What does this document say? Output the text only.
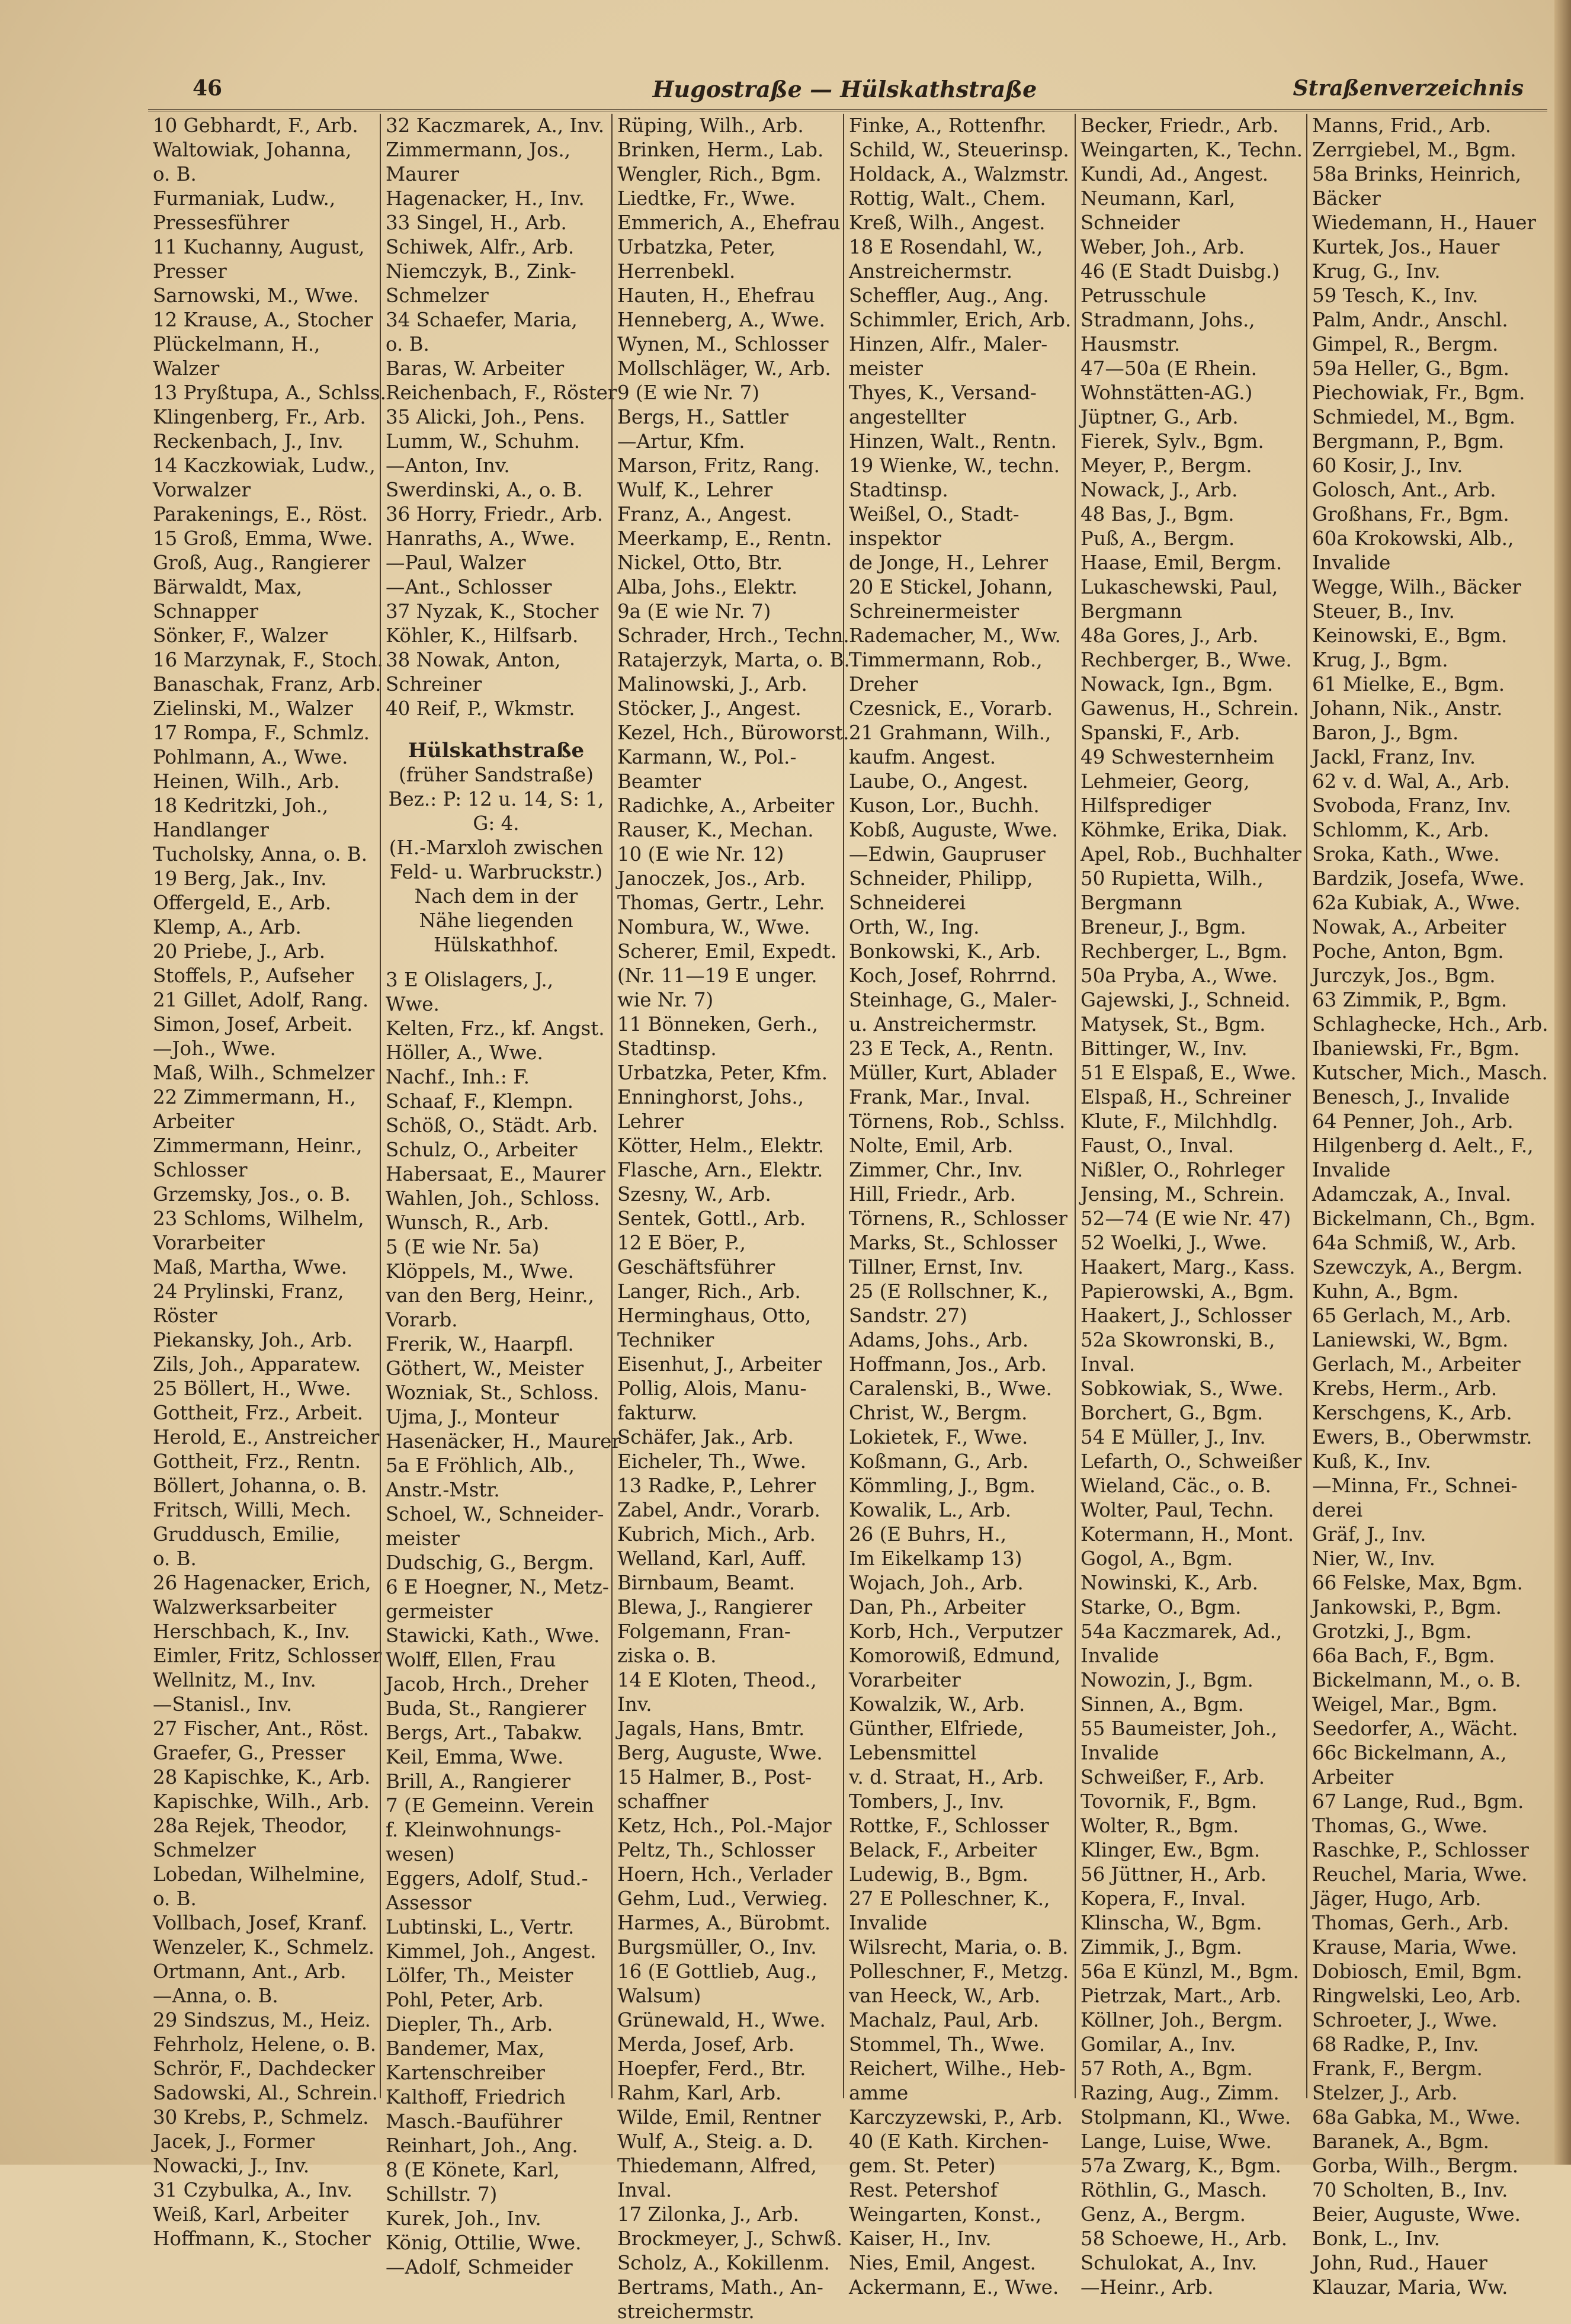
46	Hugostraße — Hülskathstraße	Straßenverzeichnis
10 Gebhardt, F., Arb.
Waltowiak, Johanna,
o. B.
Furmaniak, Ludw.,
Pressesführer
11 Kuchanny, August,
Presser
Sarnowski, M., Wwe.
12 Krause, A., Stocher
Plückelmann, H.,
Walzer
13 Pryßtupa, A., Schlss.
Klingenberg, Fr., Arb.
Reckenbach, J., Inv.
14 Kaczkowiak, Ludw.,
Vorwalzer
Parakenings, E., Röst.
15 Groß, Emma, Wwe.
Groß, Aug., Rangierer
Bärwaldt, Max,
Schnapper
Sönker, F., Walzer
16 Marzynak, F., Stoch.
Banaschak, Franz, Arb.
Zielinski, M., Walzer
17 Rompa, F., Schmlz.
Pohlmann, A., Wwe.
Heinen, Wilh., Arb.
18 Kedritzki, Joh.,
Handlanger
Tucholsky, Anna, o. B.
19 Berg, Jak., Inv.
Offergeld, E., Arb.
Klemp, A., Arb.
20 Priebe, J., Arb.
Stoffels, P., Aufseher
21 Gillet, Adolf, Rang.
Simon, Josef, Arbeit.
—Joh., Wwe.
Maß, Wilh., Schmelzer
22 Zimmermann, H.,
Arbeiter
Zimmermann, Heinr.,
Schlosser
Grzemsky, Jos., o. B.
23 Schloms, Wilhelm,
Vorarbeiter
Maß, Martha, Wwe.
24 Prylinski, Franz,
Röster
Piekansky, Joh., Arb.
Zils, Joh., Apparatew.
25 Böllert, H., Wwe.
Gottheit, Frz., Arbeit.
Herold, E., Anstreicher
Gottheit, Frz., Rentn.
Böllert, Johanna, o. B.
Fritsch, Willi, Mech.
Gruddusch, Emilie,
o. B.
26 Hagenacker, Erich,
Walzwerksarbeiter
Herschbach, K., Inv.
Eimler, Fritz, Schlosser
Wellnitz, M., Inv.
—Stanisl., Inv.
27 Fischer, Ant., Röst.
Graefer, G., Presser
28 Kapischke, K., Arb.
Kapischke, Wilh., Arb.
28a Rejek, Theodor,
Schmelzer
Lobedan, Wilhelmine,
o. B.
Vollbach, Josef, Kranf.
Wenzeler, K., Schmelz.
Ortmann, Ant., Arb.
—Anna, o. B.
29 Sindszus, M., Heiz.
Fehrholz, Helene, o. B.
Schrör, F., Dachdecker
Sadowski, Al., Schrein.
30 Krebs, P., Schmelz.
Jacek, J., Former
Nowacki, J., Inv.
31 Czybulka, A., Inv.
Weiß, Karl, Arbeiter
Hoffmann, K., Stocher
32 Kaczmarek, A., Inv.
Zimmermann, Jos.,
Maurer
Hagenacker, H., Inv.
33 Singel, H., Arb.
Schiwek, Alfr., Arb.
Niemczyk, B., Zink-
Schmelzer
34 Schaefer, Maria,
o. B.
Baras, W. Arbeiter
Reichenbach, F., Röster
35 Alicki, Joh., Pens.
Lumm, W., Schuhm.
—Anton, Inv.
Swerdinski, A., o. B.
36 Horry, Friedr., Arb.
Hanraths, A., Wwe.
—Paul, Walzer
—Ant., Schlosser
37 Nyzak, K., Stocher
Köhler, K., Hilfsarb.
38 Nowak, Anton,
Schreiner
40 Reif, P., Wkmstr.
Hülskathstraße
(früher Sandstraße)
Bez.: P: 12 u. 14, S: 1, G: 4.
(H.-Marxloh zwischen Feld- u. Warbruckstr.) Nach dem in der Nähe liegenden Hülskathhof.
3 E Olislagers, J.,
Wwe.
Kelten, Frz., kf. Angst.
Höller, A., Wwe.
Nachf., Inh.: F.
Schaaf, F., Klempn.
Schöß, O., Städt. Arb.
Schulz, O., Arbeiter
Habersaat, E., Maurer
Wahlen, Joh., Schloss.
Wunsch, R., Arb.
5 (E wie Nr. 5a)
Klöppels, M., Wwe.
van den Berg, Heinr.,
Vorarb.
Frerik, W., Haarpfl.
Göthert, W., Meister
Wozniak, St., Schloss.
Ujma, J., Monteur
Hasenäcker, H., Maurer
5a E Fröhlich, Alb.,
Anstr.-Mstr.
Schoel, W., Schneider-
meister
Dudschig, G., Bergm.
6 E Hoegner, N., Metz-
germeister
Stawicki, Kath., Wwe.
Wolff, Ellen, Frau
Jacob, Hrch., Dreher
Buda, St., Rangierer
Bergs, Art., Tabakw.
Keil, Emma, Wwe.
Brill, A., Rangierer
7 (E Gemeinn. Verein
f. Kleinwohnungs-
wesen)
Eggers, Adolf, Stud.-
Assessor
Lubtinski, L., Vertr.
Kimmel, Joh., Angest.
Lölfer, Th., Meister
Pohl, Peter, Arb.
Diepler, Th., Arb.
Bandemer, Max,
Kartenschreiber
Kalthoff, Friedrich
Masch.-Bauführer
Reinhart, Joh., Ang.
8 (E Könete, Karl,
Schillstr. 7)
Kurek, Joh., Inv.
König, Ottilie, Wwe.
—Adolf, Schmeider
Rüping, Wilh., Arb.
Brinken, Herm., Lab.
Wengler, Rich., Bgm.
Liedtke, Fr., Wwe.
Emmerich, A., Ehefrau
Urbatzka, Peter,
Herrenbekl.
Hauten, H., Ehefrau
Henneberg, A., Wwe.
Wynen, M., Schlosser
Mollschläger, W., Arb.
9 (E wie Nr. 7)
Bergs, H., Sattler
—Artur, Kfm.
Marson, Fritz, Rang.
Wulf, K., Lehrer
Franz, A., Angest.
Meerkamp, E., Rentn.
Nickel, Otto, Btr.
Alba, Johs., Elektr.
9a (E wie Nr. 7)
Schrader, Hrch., Techn.
Ratajerzyk, Marta, o. B.
Malinowski, J., Arb.
Stöcker, J., Angest.
Kezel, Hch., Büroworst.
Karmann, W., Pol.-
Beamter
Radichke, A., Arbeiter
Rauser, K., Mechan.
10 (E wie Nr. 12)
Janoczek, Jos., Arb.
Thomas, Gertr., Lehr.
Nombura, W., Wwe.
Scherer, Emil, Expedt.
(Nr. 11—19 E unger.
wie Nr. 7)
11 Bönneken, Gerh.,
Stadtinsp.
Urbatzka, Peter, Kfm.
Enninghorst, Johs.,
Lehrer
Kötter, Helm., Elektr.
Flasche, Arn., Elektr.
Szesny, W., Arb.
Sentek, Gottl., Arb.
12 E Böer, P.,
Geschäftsführer
Langer, Rich., Arb.
Herminghaus, Otto,
Techniker
Eisenhut, J., Arbeiter
Pollig, Alois, Manu-
fakturw.
Schäfer, Jak., Arb.
Eicheler, Th., Wwe.
13 Radke, P., Lehrer
Zabel, Andr., Vorarb.
Kubrich, Mich., Arb.
Welland, Karl, Auff.
Birnbaum, Beamt.
Blewa, J., Rangierer
Folgemann, Fran-
ziska o. B.
14 E Kloten, Theod.,
Inv.
Jagals, Hans, Bmtr.
Berg, Auguste, Wwe.
15 Halmer, B., Post-
schaffner
Ketz, Hch., Pol.-Major
Peltz, Th., Schlosser
Hoern, Hch., Verlader
Gehm, Lud., Verwieg.
Harmes, A., Bürobmt.
Burgsmüller, O., Inv.
16 (E Gottlieb, Aug.,
Walsum)
Grünewald, H., Wwe.
Merda, Josef, Arb.
Hoepfer, Ferd., Btr.
Rahm, Karl, Arb.
Wilde, Emil, Rentner
Wulf, A., Steig. a. D.
Thiedemann, Alfred,
Inval.
17 Zilonka, J., Arb.
Brockmeyer, J., Schwß.
Scholz, A., Kokillenm.
Bertrams, Math., An-
streichermstr.
Finke, A., Rottenfhr.
Schild, W., Steuerinsp.
Holdack, A., Walzmstr.
Rottig, Walt., Chem.
Kreß, Wilh., Angest.
18 E Rosendahl, W.,
Anstreichermstr.
Scheffler, Aug., Ang.
Schimmler, Erich, Arb.
Hinzen, Alfr., Maler-
meister
Thyes, K., Versand-
angestellter
Hinzen, Walt., Rentn.
19 Wienke, W., techn.
Stadtinsp.
Weißel, O., Stadt-
inspektor
de Jonge, H., Lehrer
20 E Stickel, Johann,
Schreinermeister
Rademacher, M., Ww.
Timmermann, Rob.,
Dreher
Czesnick, E., Vorarb.
21 Grahmann, Wilh.,
kaufm. Angest.
Laube, O., Angest.
Kuson, Lor., Buchh.
Kobß, Auguste, Wwe.
—Edwin, Gaupruser
Schneider, Philipp,
Schneiderei
Orth, W., Ing.
Bonkowski, K., Arb.
Koch, Josef, Rohrrnd.
Steinhage, G., Maler-
u. Anstreichermstr.
23 E Teck, A., Rentn.
Müller, Kurt, Ablader
Frank, Mar., Inval.
Törnens, Rob., Schlss.
Nolte, Emil, Arb.
Zimmer, Chr., Inv.
Hill, Friedr., Arb.
Törnens, R., Schlosser
Marks, St., Schlosser
Tillner, Ernst, Inv.
25 (E Rollschner, K.,
Sandstr. 27)
Adams, Johs., Arb.
Hoffmann, Jos., Arb.
Caralenski, B., Wwe.
Christ, W., Bergm.
Lokietek, F., Wwe.
Koßmann, G., Arb.
Kömmling, J., Bgm.
Kowalik, L., Arb.
26 (E Buhrs, H.,
Im Eikelkamp 13)
Wojach, Joh., Arb.
Dan, Ph., Arbeiter
Korb, Hch., Verputzer
Komorowiß, Edmund,
Vorarbeiter
Kowalzik, W., Arb.
Günther, Elfriede,
Lebensmittel
v. d. Straat, H., Arb.
Tombers, J., Inv.
Rottke, F., Schlosser
Belack, F., Arbeiter
Ludewig, B., Bgm.
27 E Polleschner, K.,
Invalide
Wilsrecht, Maria, o. B.
Polleschner, F., Metzg.
van Heeck, W., Arb.
Machalz, Paul, Arb.
Stommel, Th., Wwe.
Reichert, Wilhe., Heb-
amme
Karczyzewski, P., Arb.
40 (E Kath. Kirchen-
gem. St. Peter)
Rest. Petershof
Weingarten, Konst.,
Kaiser, H., Inv.
Nies, Emil, Angest.
Ackermann, E., Wwe.
Becker, Friedr., Arb.
Weingarten, K., Techn.
Kundi, Ad., Angest.
Neumann, Karl,
Schneider
Weber, Joh., Arb.
46 (E Stadt Duisbg.)
Petrusschule
Stradmann, Johs.,
Hausmstr.
47—50a (E Rhein.
Wohnstätten-AG.)
Jüptner, G., Arb.
Fierek, Sylv., Bgm.
Meyer, P., Bergm.
Nowack, J., Arb.
48 Bas, J., Bgm.
Puß, A., Bergm.
Haase, Emil, Bergm.
Lukaschewski, Paul,
Bergmann
48a Gores, J., Arb.
Rechberger, B., Wwe.
Nowack, Ign., Bgm.
Gawenus, H., Schrein.
Spanski, F., Arb.
49 Schwesternheim
Lehmeier, Georg,
Hilfsprediger
Köhmke, Erika, Diak.
Apel, Rob., Buchhalter
50 Rupietta, Wilh.,
Bergmann
Breneur, J., Bgm.
Rechberger, L., Bgm.
50a Pryba, A., Wwe.
Gajewski, J., Schneid.
Matysek, St., Bgm.
Bittinger, W., Inv.
51 E Elspaß, E., Wwe.
Elspaß, H., Schreiner
Klute, F., Milchhdlg.
Faust, O., Inval.
Nißler, O., Rohrleger
Jensing, M., Schrein.
52—74 (E wie Nr. 47)
52 Woelki, J., Wwe.
Haakert, Marg., Kass.
Papierowski, A., Bgm.
Haakert, J., Schlosser
52a Skowronski, B.,
Inval.
Sobkowiak, S., Wwe.
Borchert, G., Bgm.
54 E Müller, J., Inv.
Lefarth, O., Schweißer
Wieland, Cäc., o. B.
Wolter, Paul, Techn.
Kotermann, H., Mont.
Gogol, A., Bgm.
Nowinski, K., Arb.
Starke, O., Bgm.
54a Kaczmarek, Ad.,
Invalide
Nowozin, J., Bgm.
Sinnen, A., Bgm.
55 Baumeister, Joh.,
Invalide
Schweißer, F., Arb.
Tovornik, F., Bgm.
Wolter, R., Bgm.
Klinger, Ew., Bgm.
56 Jüttner, H., Arb.
Kopera, F., Inval.
Klinscha, W., Bgm.
Zimmik, J., Bgm.
56a E Künzl, M., Bgm.
Pietrzak, Mart., Arb.
Köllner, Joh., Bergm.
Gomilar, A., Inv.
57 Roth, A., Bgm.
Razing, Aug., Zimm.
Stolpmann, Kl., Wwe.
Lange, Luise, Wwe.
57a Zwarg, K., Bgm.
Röthlin, G., Masch.
Genz, A., Bergm.
58 Schoewe, H., Arb.
Schulokat, A., Inv.
—Heinr., Arb.
Manns, Frid., Arb.
Zerrgiebel, M., Bgm.
58a Brinks, Heinrich,
Bäcker
Wiedemann, H., Hauer
Kurtek, Jos., Hauer
Krug, G., Inv.
59 Tesch, K., Inv.
Palm, Andr., Anschl.
Gimpel, R., Bergm.
59a Heller, G., Bgm.
Piechowiak, Fr., Bgm.
Schmiedel, M., Bgm.
Bergmann, P., Bgm.
60 Kosir, J., Inv.
Golosch, Ant., Arb.
Großhans, Fr., Bgm.
60a Krokowski, Alb.,
Invalide
Wegge, Wilh., Bäcker
Steuer, B., Inv.
Keinowski, E., Bgm.
Krug, J., Bgm.
61 Mielke, E., Bgm.
Johann, Nik., Anstr.
Baron, J., Bgm.
Jackl, Franz, Inv.
62 v. d. Wal, A., Arb.
Svoboda, Franz, Inv.
Schlomm, K., Arb.
Sroka, Kath., Wwe.
Bardzik, Josefa, Wwe.
62a Kubiak, A., Wwe.
Nowak, A., Arbeiter
Poche, Anton, Bgm.
Jurczyk, Jos., Bgm.
63 Zimmik, P., Bgm.
Schlaghecke, Hch., Arb.
Ibaniewski, Fr., Bgm.
Kutscher, Mich., Masch.
Benesch, J., Invalide
64 Penner, Joh., Arb.
Hilgenberg d. Aelt., F.,
Invalide
Adamczak, A., Inval.
Bickelmann, Ch., Bgm.
64a Schmiß, W., Arb.
Szewczyk, A., Bergm.
Kuhn, A., Bgm.
65 Gerlach, M., Arb.
Laniewski, W., Bgm.
Gerlach, M., Arbeiter
Krebs, Herm., Arb.
Kerschgens, K., Arb.
Ewers, B., Oberwmstr.
Kuß, K., Inv.
—Minna, Fr., Schnei-
derei
Gräf, J., Inv.
Nier, W., Inv.
66 Felske, Max, Bgm.
Jankowski, P., Bgm.
Grotzki, J., Bgm.
66a Bach, F., Bgm.
Bickelmann, M., o. B.
Weigel, Mar., Bgm.
Seedorfer, A., Wächt.
66c Bickelmann, A.,
Arbeiter
67 Lange, Rud., Bgm.
Thomas, G., Wwe.
Raschke, P., Schlosser
Reuchel, Maria, Wwe.
Jäger, Hugo, Arb.
Thomas, Gerh., Arb.
Krause, Maria, Wwe.
Dobiosch, Emil, Bgm.
Ringwelski, Leo, Arb.
Schroeter, J., Wwe.
68 Radke, P., Inv.
Frank, F., Bergm.
Stelzer, J., Arb.
68a Gabka, M., Wwe.
Baranek, A., Bgm.
Gorba, Wilh., Bergm.
70 Scholten, B., Inv.
Beier, Auguste, Wwe.
Bonk, L., Inv.
John, Rud., Hauer
Klauzar, Maria, Ww.
